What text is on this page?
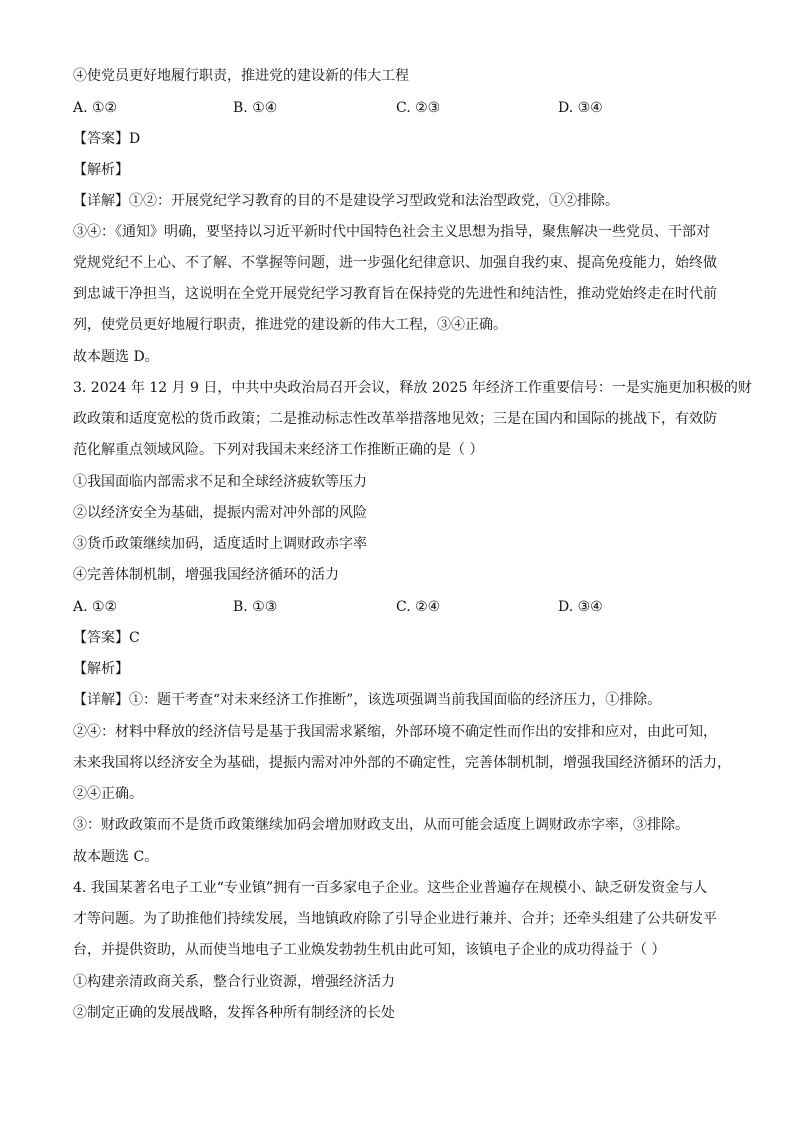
④使党员更好地履行职责，推进党的建设新的伟大工程
A. ①②	B. ①④	C. ②③	D. ③④
【答案】D
【解析】
【详解】①②：开展党纪学习教育的目的不是建设学习型政党和法治型政党，①②排除。
③④：《通知》明确，要坚持以习近平新时代中国特色社会主义思想为指导，聚焦解决一些党员、干部对
党规党纪不上心、不了解、不掌握等问题，进一步强化纪律意识、加强自我约束、提高免疫能力，始终做
到忠诚干净担当，这说明在全党开展党纪学习教育旨在保持党的先进性和纯洁性，推动党始终走在时代前
列，使党员更好地履行职责，推进党的建设新的伟大工程，③④正确。
故本题选 D。
3. 2024 年 12 月 9 日，中共中央政治局召开会议，释放 2025 年经济工作重要信号：一是实施更加积极的财
政政策和适度宽松的货币政策；二是推动标志性改革举措落地见效；三是在国内和国际的挑战下，有效防
范化解重点领域风险。下列对我国未来经济工作推断正确的是（ ）
①我国面临内部需求不足和全球经济疲软等压力
②以经济安全为基础，提振内需对冲外部的风险
③货币政策继续加码，适度适时上调财政赤字率
④完善体制机制，增强我国经济循环的活力
A. ①②	B. ①③	C. ②④	D. ③④
【答案】C
【解析】
【详解】①：题干考查“对未来经济工作推断”，该选项强调当前我国面临的经济压力，①排除。
②④：材料中释放的经济信号是基于我国需求紧缩，外部环境不确定性而作出的安排和应对，由此可知，
未来我国将以经济安全为基础，提振内需对冲外部的不确定性，完善体制机制，增强我国经济循环的活力，
②④正确。
③：财政政策而不是货币政策继续加码会增加财政支出，从而可能会适度上调财政赤字率，③排除。
故本题选 C。
4. 我国某著名电子工业“专业镇”拥有一百多家电子企业。这些企业普遍存在规模小、缺乏研发资金与人
才等问题。为了助推他们持续发展，当地镇政府除了引导企业进行兼并、合并；还牵头组建了公共研发平
台，并提供资助，从而使当地电子工业焕发勃勃生机由此可知，该镇电子企业的成功得益于（ ）
①构建亲清政商关系，整合行业资源，增强经济活力
②制定正确的发展战略，发挥各种所有制经济的长处
